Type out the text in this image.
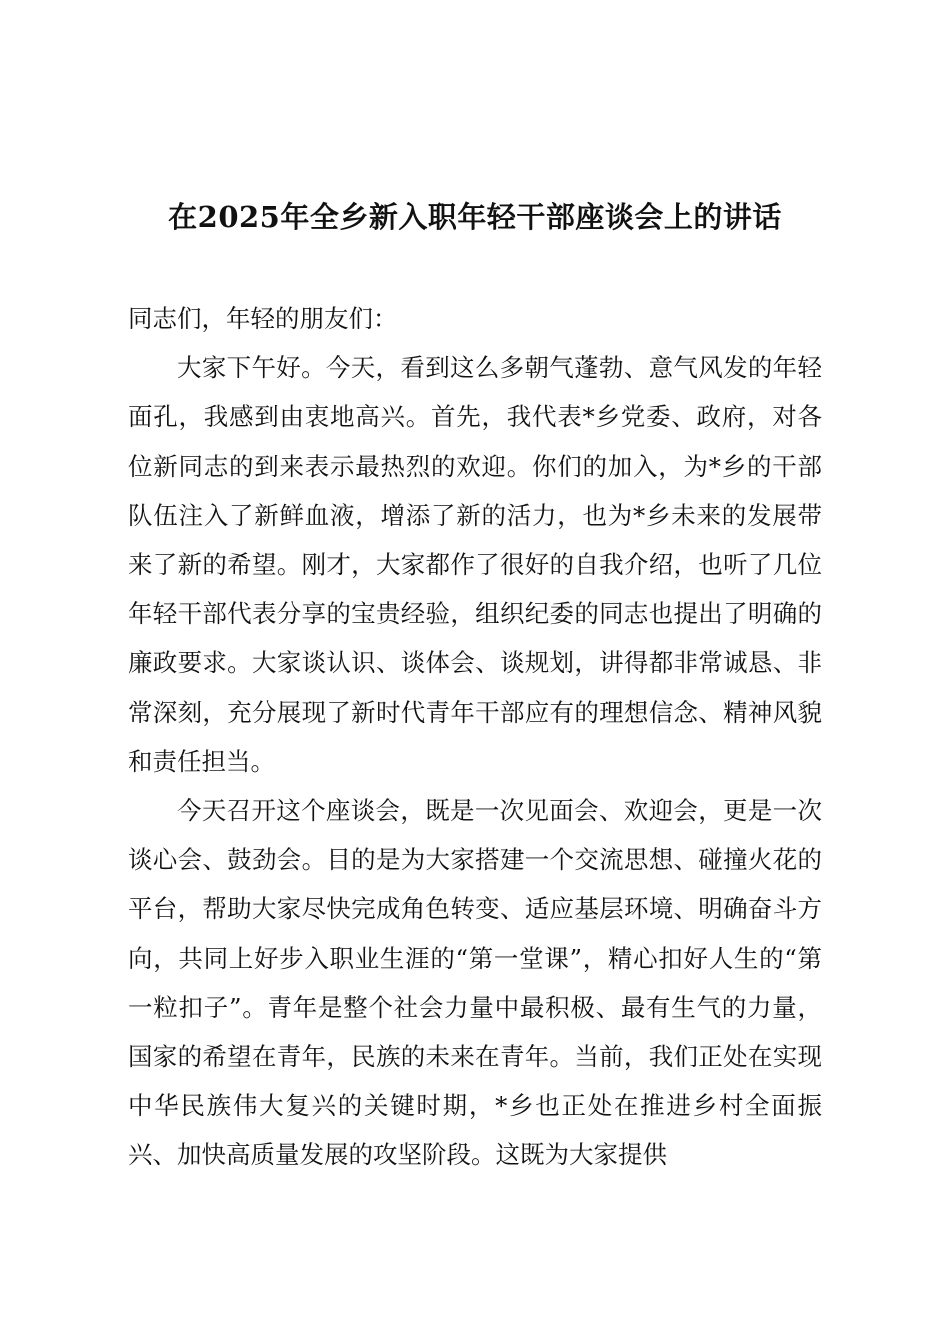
在2025年全乡新入职年轻干部座谈会上的讲话

同志们，年轻的朋友们：

大家下午好。今天，看到这么多朝气蓬勃、意气风发的年轻面孔，我感到由衷地高兴。首先，我代表*乡党委、政府，对各位新同志的到来表示最热烈的欢迎。你们的加入，为*乡的干部队伍注入了新鲜血液，增添了新的活力，也为*乡未来的发展带来了新的希望。刚才，大家都作了很好的自我介绍，也听了几位年轻干部代表分享的宝贵经验，组织纪委的同志也提出了明确的廉政要求。大家谈认识、谈体会、谈规划，讲得都非常诚恳、非常深刻，充分展现了新时代青年干部应有的理想信念、精神风貌和责任担当。

今天召开这个座谈会，既是一次见面会、欢迎会，更是一次谈心会、鼓劲会。目的是为大家搭建一个交流思想、碰撞火花的平台，帮助大家尽快完成角色转变、适应基层环境、明确奋斗方向，共同上好步入职业生涯的“第一堂课”，精心扣好人生的“第一粒扣子”。青年是整个社会力量中最积极、最有生气的力量，国家的希望在青年，民族的未来在青年。当前，我们正处在实现中华民族伟大复兴的关键时期，*乡也正处在推进乡村全面振兴、加快高质量发展的攻坚阶段。这既为大家提供
